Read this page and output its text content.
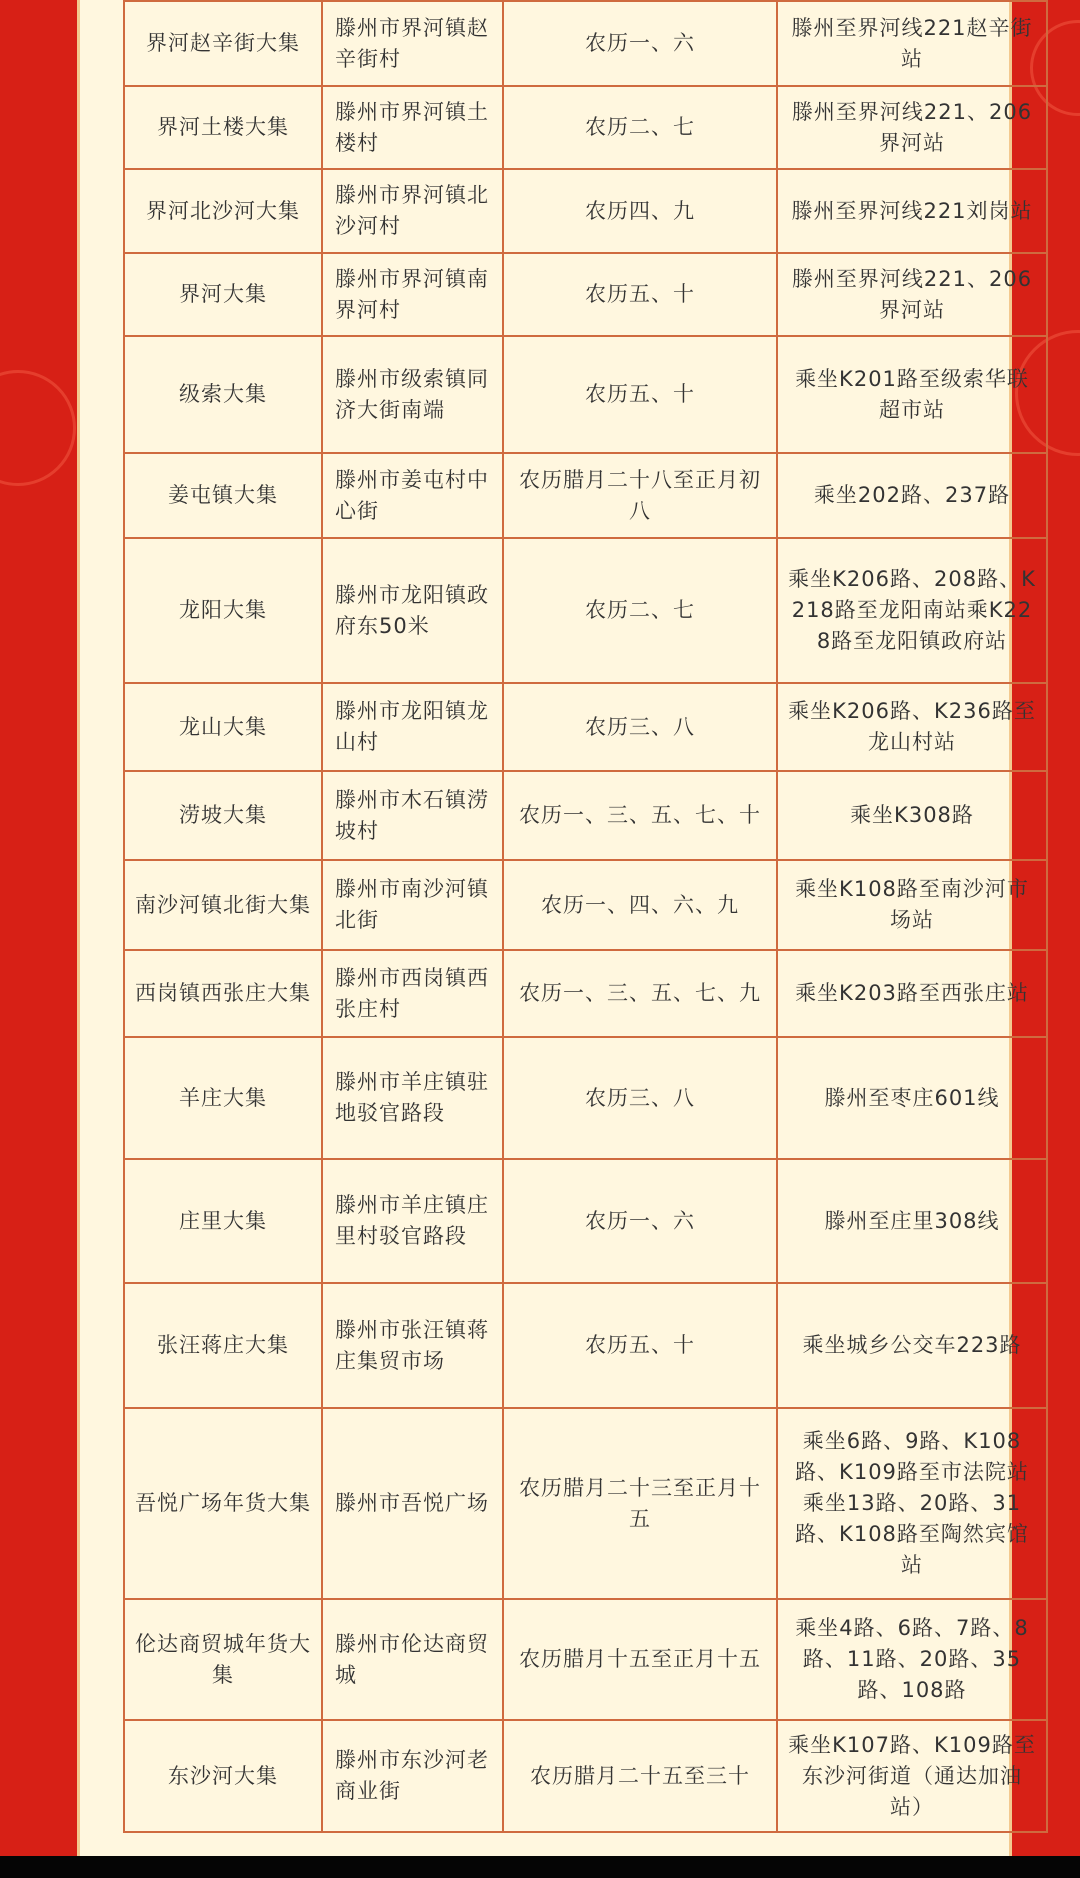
界河赵辛街大集	滕州市界河镇赵辛街村	农历一、六	滕州至界河线221赵辛街站
界河土楼大集	滕州市界河镇土楼村	农历二、七	滕州至界河线221、206界河站
界河北沙河大集	滕州市界河镇北沙河村	农历四、九	滕州至界河线221刘岗站
界河大集	滕州市界河镇南界河村	农历五、十	滕州至界河线221、206界河站
级索大集	滕州市级索镇同济大街南端	农历五、十	乘坐K201路至级索华联超市站
姜屯镇大集	滕州市姜屯村中心街	农历腊月二十八至正月初八	乘坐202路、237路
龙阳大集	滕州市龙阳镇政府东50米	农历二、七	乘坐K206路、208路、K218路至龙阳南站乘K228路至龙阳镇政府站
龙山大集	滕州市龙阳镇龙山村	农历三、八	乘坐K206路、K236路至龙山村站
涝坡大集	滕州市木石镇涝坡村	农历一、三、五、七、十	乘坐K308路
南沙河镇北街大集	滕州市南沙河镇北街	农历一、四、六、九	乘坐K108路至南沙河市场站
西岗镇西张庄大集	滕州市西岗镇西张庄村	农历一、三、五、七、九	乘坐K203路至西张庄站
羊庄大集	滕州市羊庄镇驻地驳官路段	农历三、八	滕州至枣庄601线
庄里大集	滕州市羊庄镇庄里村驳官路段	农历一、六	滕州至庄里308线
张汪蒋庄大集	滕州市张汪镇蒋庄集贸市场	农历五、十	乘坐城乡公交车223路
吾悦广场年货大集	滕州市吾悦广场	农历腊月二十三至正月十五	乘坐6路、9路、K108路、K109路至市法院站乘坐13路、20路、31路、K108路至陶然宾馆站
伦达商贸城年货大集	滕州市伦达商贸城	农历腊月十五至正月十五	乘坐4路、6路、7路、8路、11路、20路、35路、108路
东沙河大集	滕州市东沙河老商业街	农历腊月二十五至三十	乘坐K107路、K109路至东沙河街道（通达加油站）
